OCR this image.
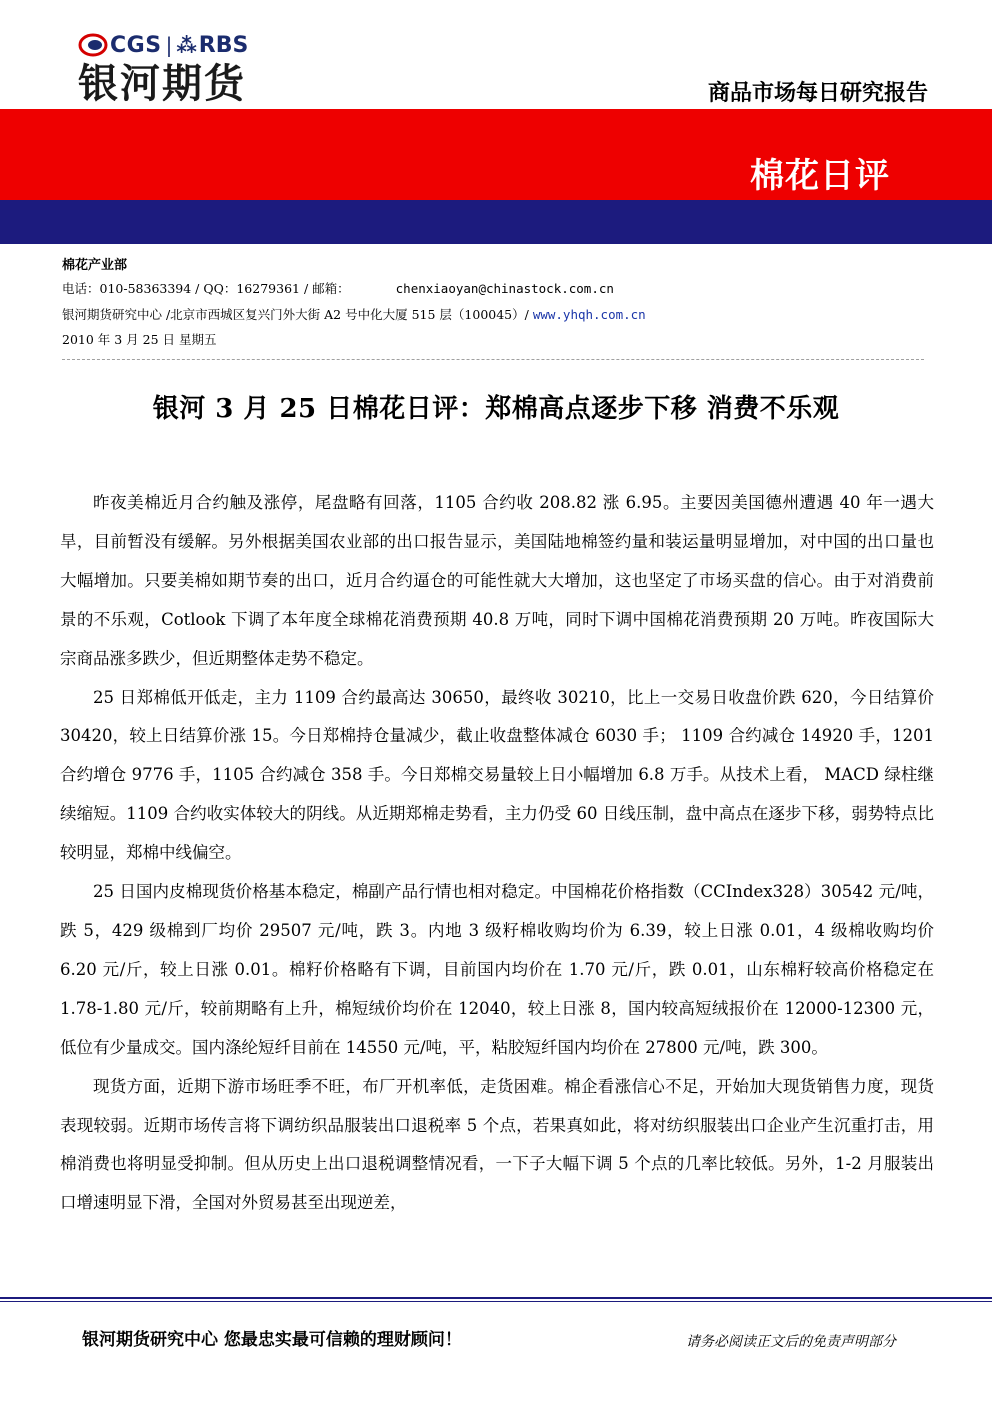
CGS | ⁂ RBS
银河期货	商品市场每日研究报告
棉花日评
棉花产业部
电话：010-58363394 / QQ：16279361 / 邮箱：	chenxiaoyan@chinastock.com.cn
银河期货研究中心 /北京市西城区复兴门外大街 A2 号中化大厦 515 层（100045）/ www.yhqh.com.cn
2010 年 3 月 25 日 星期五
银河 3 月 25 日棉花日评：郑棉高点逐步下移 消费不乐观

昨夜美棉近月合约触及涨停，尾盘略有回落，1105 合约收 208.82 涨 6.95。主要因美国德州遭遇 40 年一遇大旱，目前暂没有缓解。另外根据美国农业部的出口报告显示，美国陆地棉签约量和装运量明显增加，对中国的出口量也大幅增加。只要美棉如期节奏的出口，近月合约逼仓的可能性就大大增加，这也坚定了市场买盘的信心。由于对消费前景的不乐观，Cotlook 下调了本年度全球棉花消费预期 40.8 万吨，同时下调中国棉花消费预期 20 万吨。昨夜国际大宗商品涨多跌少，但近期整体走势不稳定。

25 日郑棉低开低走，主力 1109 合约最高达 30650，最终收 30210，比上一交易日收盘价跌 620，今日结算价 30420，较上日结算价涨 15。今日郑棉持仓量减少，截止收盘整体减仓 6030 手； 1109 合约减仓 14920 手，1201 合约增仓 9776 手，1105 合约减仓 358 手。今日郑棉交易量较上日小幅增加 6.8 万手。从技术上看， MACD 绿柱继续缩短。1109 合约收实体较大的阴线。从近期郑棉走势看，主力仍受 60 日线压制，盘中高点在逐步下移，弱势特点比较明显，郑棉中线偏空。

25 日国内皮棉现货价格基本稳定，棉副产品行情也相对稳定。中国棉花价格指数（CCIndex328）30542 元/吨，跌 5，429 级棉到厂均价 29507 元/吨，跌 3。内地 3 级籽棉收购均价为 6.39，较上日涨 0.01，4 级棉收购均价 6.20 元/斤，较上日涨 0.01。棉籽价格略有下调，目前国内均价在 1.70 元/斤，跌 0.01，山东棉籽较高价格稳定在 1.78-1.80 元/斤，较前期略有上升，棉短绒价均价在 12040，较上日涨 8，国内较高短绒报价在 12000-12300 元，低位有少量成交。国内涤纶短纤目前在 14550 元/吨，平，粘胶短纤国内均价在 27800 元/吨，跌 300。

现货方面，近期下游市场旺季不旺，布厂开机率低，走货困难。棉企看涨信心不足，开始加大现货销售力度，现货表现较弱。近期市场传言将下调纺织品服装出口退税率 5 个点，若果真如此，将对纺织服装出口企业产生沉重打击，用棉消费也将明显受抑制。但从历史上出口退税调整情况看，一下子大幅下调 5 个点的几率比较低。另外，1-2 月服装出口增速明显下滑，全国对外贸易甚至出现逆差，

银河期货研究中心 您最忠实最可信赖的理财顾问！	请务必阅读正文后的免责声明部分
